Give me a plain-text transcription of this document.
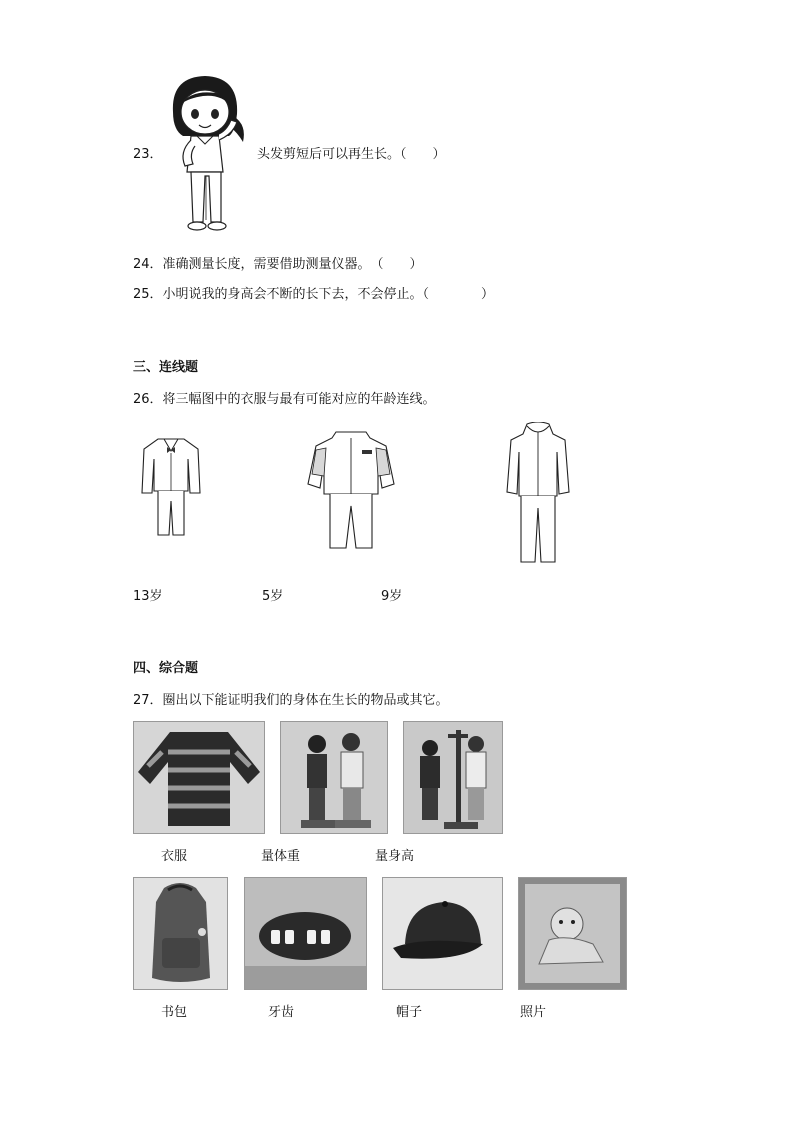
23．	头发剪短后可以再生长。（　　）
24．准确测量长度，需要借助测量仪器。　（　　）
25．小明说我的身高会不断的长下去，不会停止。（　　　　）
三、连线题
26．将三幅图中的衣服与最有可能对应的年龄连线。
13岁	5岁	9岁
四、综合题
27．圈出以下能证明我们的身体在生长的物品或其它。
衣服	量体重	量身高
书包	牙齿	帽子	照片
